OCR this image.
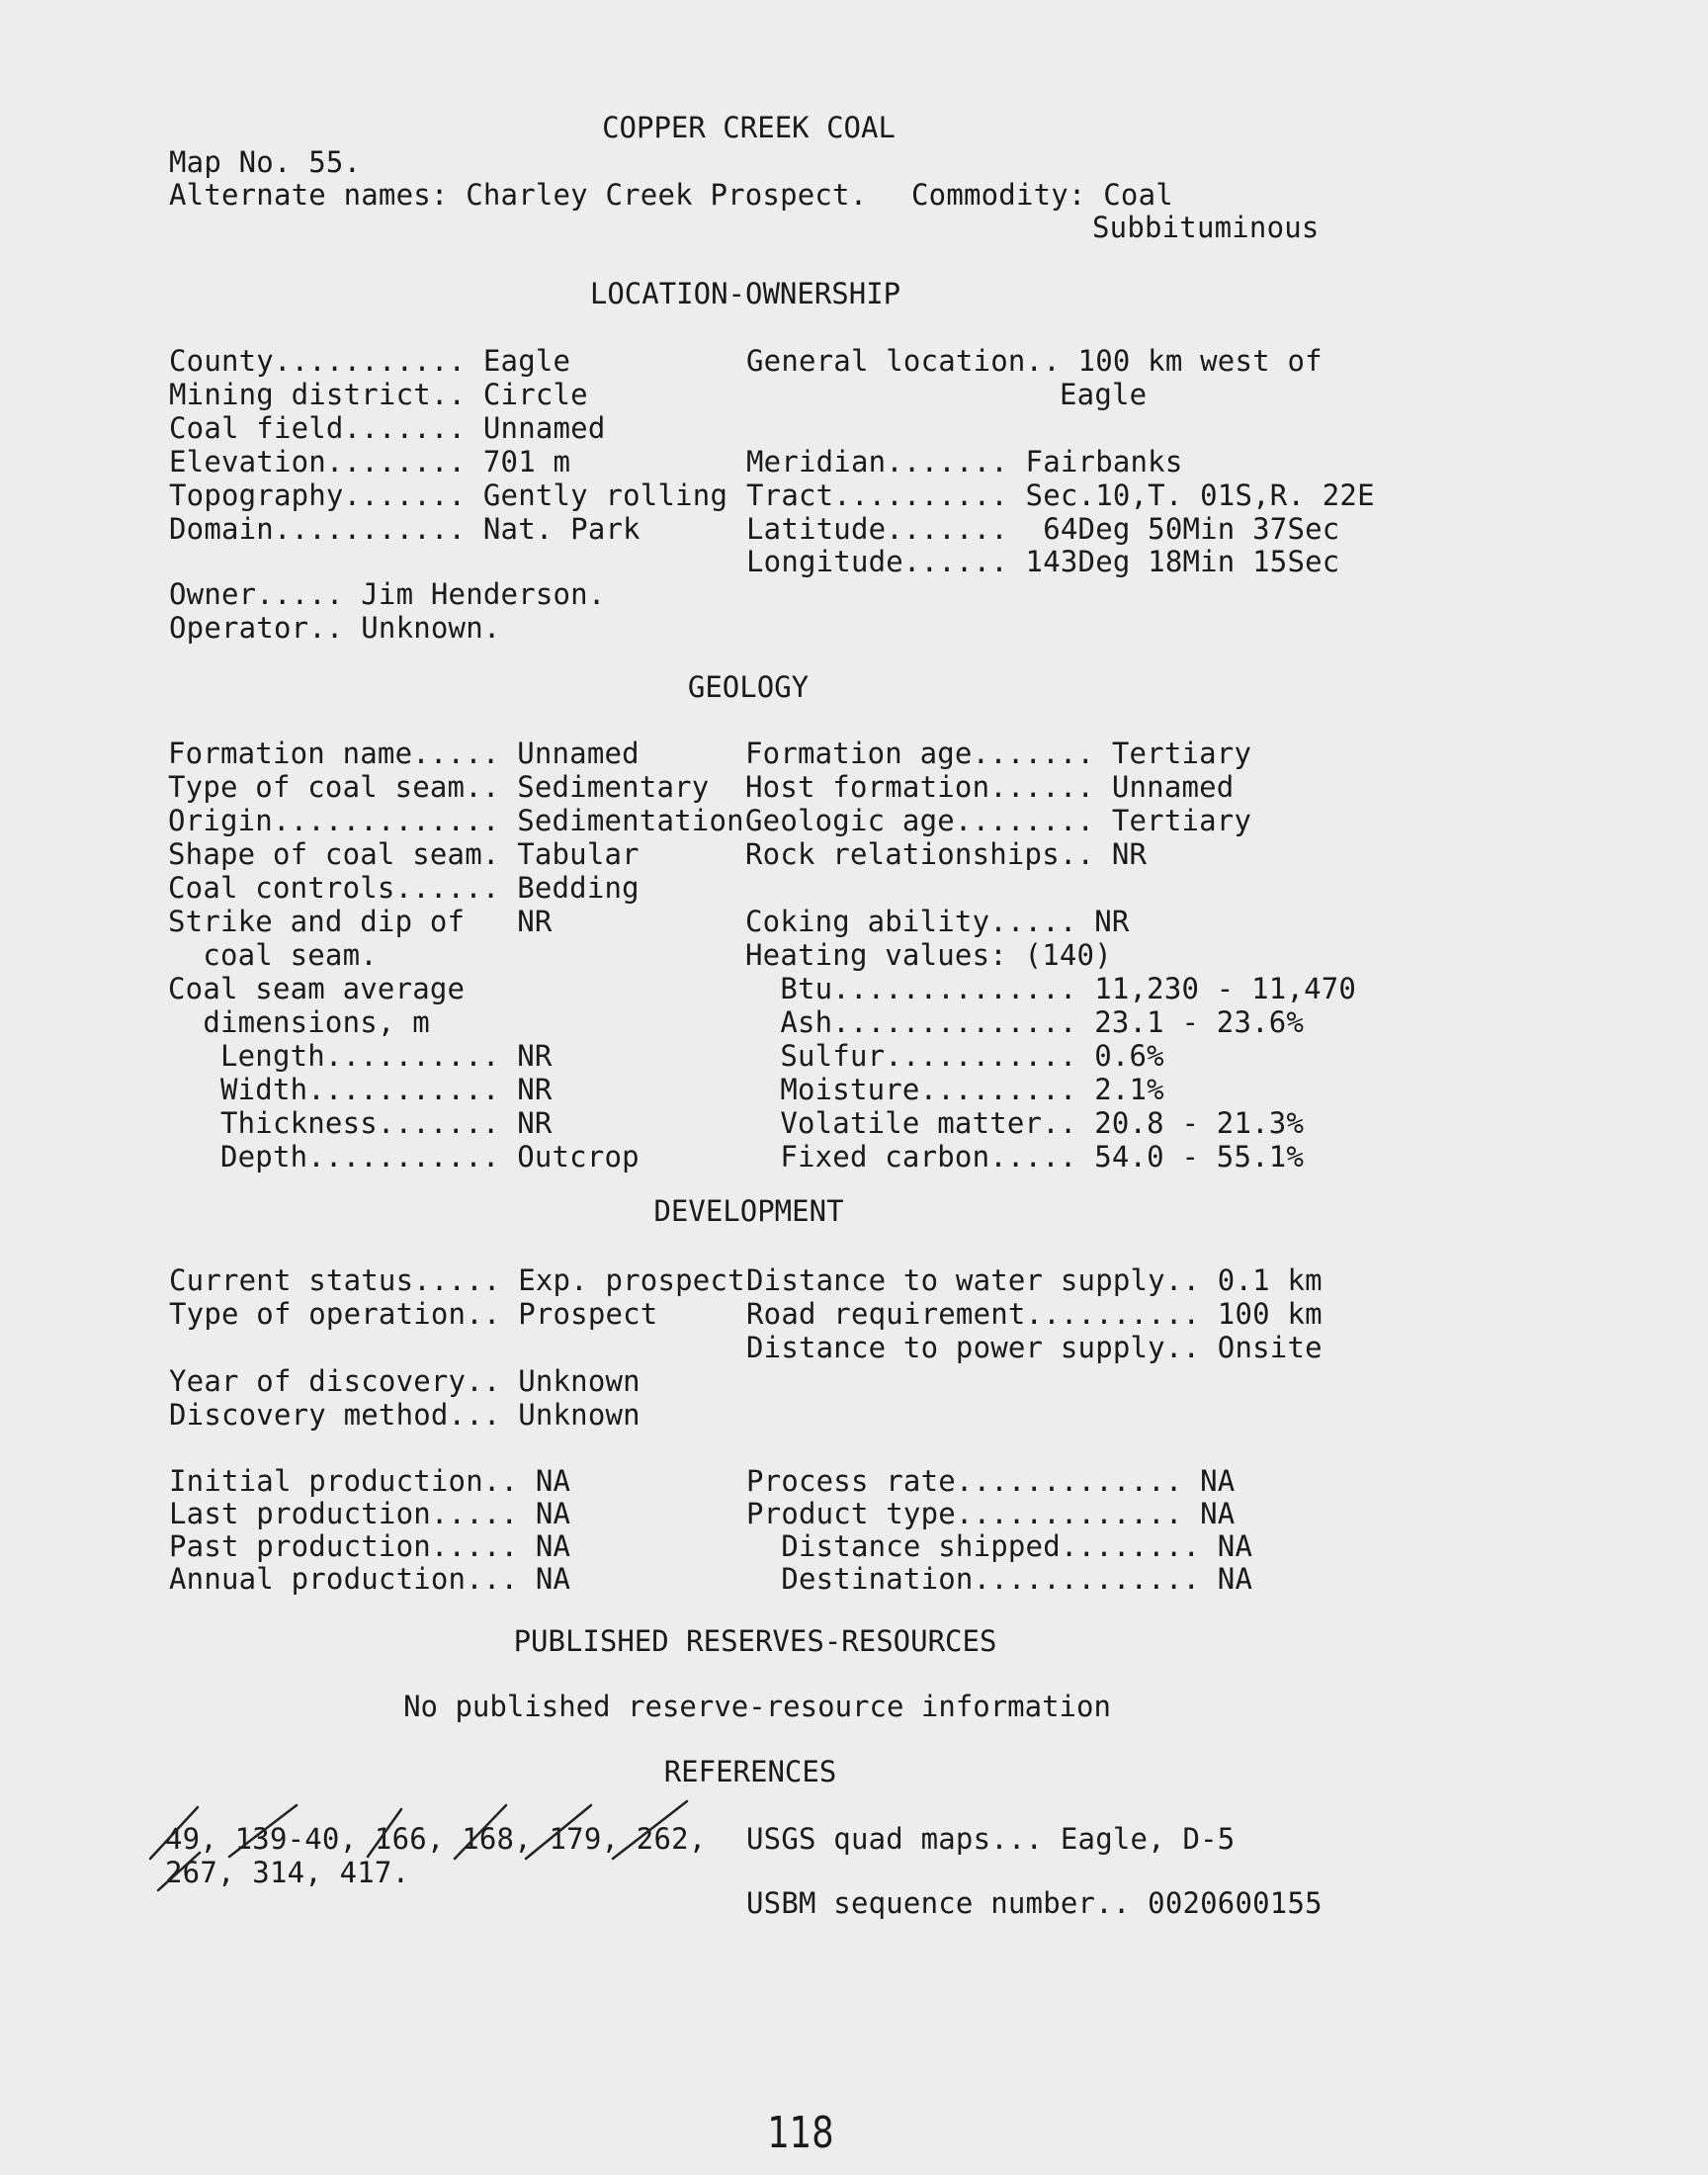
COPPER CREEK COAL
Map No. 55.
Alternate names: Charley Creek Prospect. Commodity: Coal
Subbituminous
LOCATION-OWNERSHIP
County........... Eagle
Mining district.. Circle
Coal field....... Unnamed
Elevation........ 701 m
Topography....... Gently rolling
Domain........... Nat. Park
General location.. 100 km west of
Eagle
Meridian....... Fairbanks
Tract.......... Sec.10,T. 01S,R. 22E
Latitude.......  64Deg 50Min 37Sec
Longitude...... 143Deg 18Min 15Sec
Owner..... Jim Henderson.
Operator.. Unknown.
GEOLOGY
Formation name..... Unnamed
Type of coal seam.. Sedimentary
Origin............. Sedimentation
Shape of coal seam. Tabular
Coal controls...... Bedding
Strike and dip of   NR
coal seam.
Coal seam average
dimensions, m
Length.......... NR
Width........... NR
Thickness....... NR
Depth........... Outcrop
Formation age....... Tertiary
Host formation...... Unnamed
Geologic age........ Tertiary
Rock relationships.. NR
Coking ability..... NR
Heating values: (140)
Btu.............. 11,230 - 11,470
Ash.............. 23.1 - 23.6%
Sulfur........... 0.6%
Moisture......... 2.1%
Volatile matter.. 20.8 - 21.3%
Fixed carbon..... 54.0 - 55.1%
DEVELOPMENT
Current status..... Exp. prospect
Type of operation.. Prospect
Year of discovery.. Unknown
Discovery method... Unknown
Initial production.. NA
Last production..... NA
Past production..... NA
Annual production... NA
Distance to water supply.. 0.1 km
Road requirement.......... 100 km
Distance to power supply.. Onsite
Process rate............. NA
Product type............. NA
Distance shipped........ NA
Destination............. NA
PUBLISHED RESERVES-RESOURCES
No published reserve-resource information
REFERENCES
49, 139-40, 166, 168, 179, 262,
267, 314, 417.
USGS quad maps... Eagle, D-5
USBM sequence number.. 0020600155
118
